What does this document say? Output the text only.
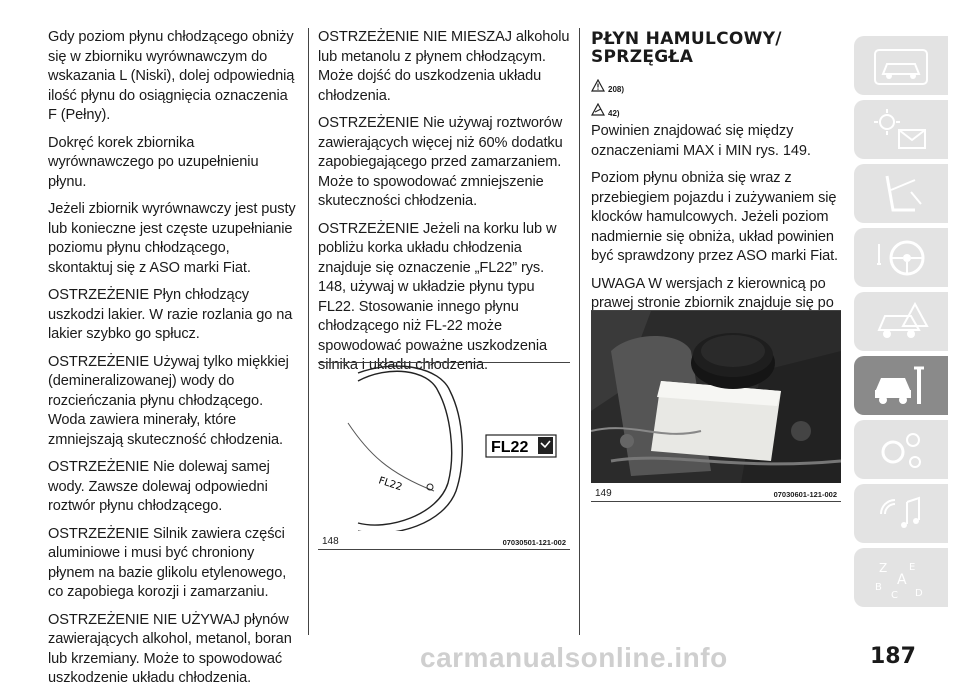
Gdy poziom płynu chłodzącego obniży się w zbiorniku wyrównawczym do wskazania L (Niski), dolej odpowiednią ilość płynu do osiągnięcia oznaczenia F (Pełny).

Dokręć korek zbiornika wyrównawczego po uzupełnieniu płynu.

Jeżeli zbiornik wyrównawczy jest pusty lub konieczne jest częste uzupełnianie poziomu płynu chłodzącego, skontaktuj się z ASO marki Fiat.

OSTRZEŻENIE Płyn chłodzący uszkodzi lakier. W razie rozlania go na lakier szybko go spłucz.

OSTRZEŻENIE Używaj tylko miękkiej (demineralizowanej) wody do rozcieńczania płynu chłodzącego. Woda zawiera minerały, które zmniejszają skuteczność chłodzenia.

OSTRZEŻENIE Nie dolewaj samej wody. Zawsze dolewaj odpowiedni roztwór płynu chłodzącego.

OSTRZEŻENIE Silnik zawiera części aluminiowe i musi być chroniony płynem na bazie glikolu etylenowego, co zapobiega korozji i zamarzaniu.

OSTRZEŻENIE NIE UŻYWAJ płynów zawierających alkohol, metanol, boran lub krzemiany. Może to spowodować uszkodzenie układu chłodzenia.

OSTRZEŻENIE NIE MIESZAJ alkoholu lub metanolu z płynem chłodzącym. Może dojść do uszkodzenia układu chłodzenia.

OSTRZEŻENIE Nie używaj roztworów zawierających więcej niż 60% dodatku zapobiegającego przed zamarzaniem. Może to spowodować zmniejszenie skuteczności chłodzenia.

OSTRZEŻENIE Jeżeli na korku lub w pobliżu korka układu chłodzenia znajduje się oznaczenie „FL22” rys. 148, używaj w układzie płynu typu FL22. Stosowanie innego płynu chłodzącego niż FL-22 może spowodować poważne uszkodzenia silnika i układu chłodzenia.

FL22
FL22
148	07030501-121-002
PŁYN HAMULCOWY/ SPRZĘGŁA
208)
42)

Powinien znajdować się między oznaczeniami MAX i MIN rys. 149.

Poziom płynu obniża się wraz z przebiegiem pojazdu i zużywaniem się klocków hamulcowych. Jeżeli poziom nadmiernie się obniża, układ powinien być sprawdzony przez ASO marki Fiat.

UWAGA W wersjach z kierownicą po prawej stronie zbiornik znajduje się po

149	07030601-121-002
Z E
A
B
C D
carmanualsonline.info	187
